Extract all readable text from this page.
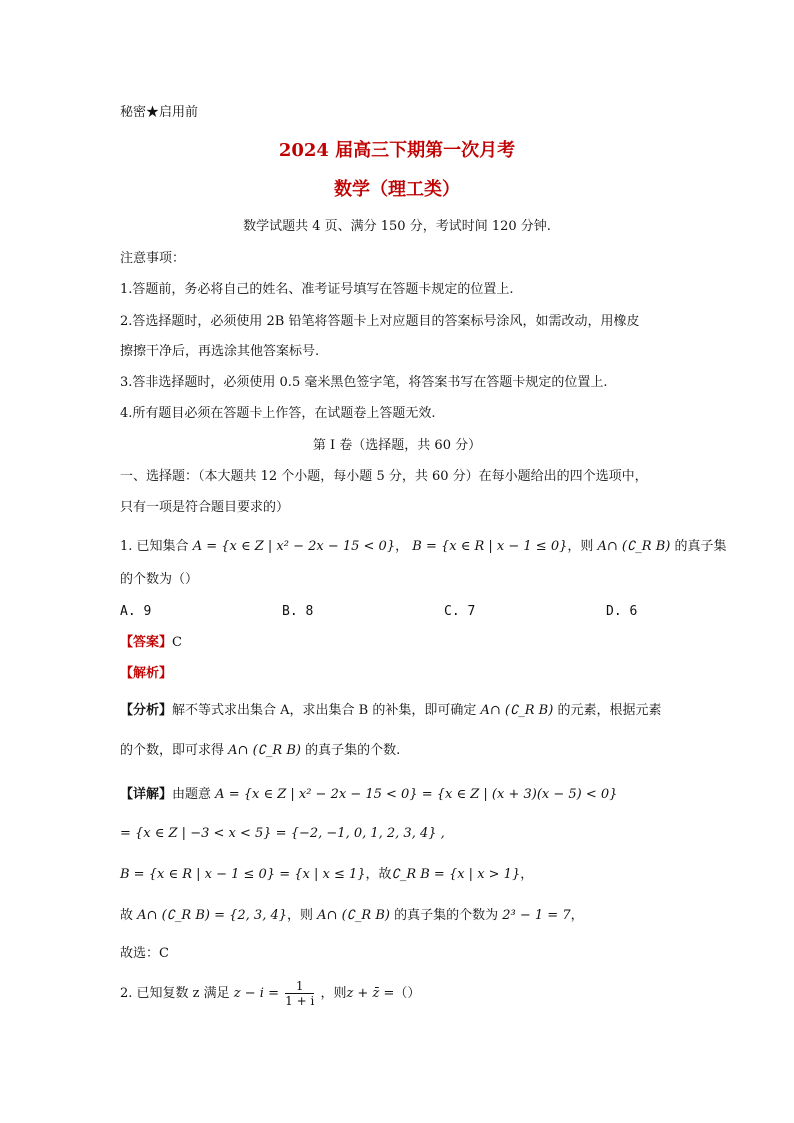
秘密★启用前
2024 届高三下期第一次月考
数学（理工类）
数学试题共 4 页、满分 150 分，考试时间 120 分钟.
注意事项：
1.答题前，务必将自己的姓名、准考证号填写在答题卡规定的位置上.
2.答选择题时，必须使用 2B 铅笔将答题卡上对应题目的答案标号涂风，如需改动，用橡皮
擦擦干净后，再选涂其他答案标号.
3.答非选择题时，必须使用 0.5 毫米黑色签字笔，将答案书写在答题卡规定的位置上.
4.所有题目必须在答题卡上作答，在试题卷上答题无效.
第 I 卷（选择题，共 60 分）
一、选择题：（本大题共 12 个小题，每小题 5 分，共 60 分）在每小题给出的四个选项中，
只有一项是符合题目要求的）
1. 已知集合 A = {x ∈ Z | x² − 2x − 15 < 0}， B = {x ∈ R | x − 1 ≤ 0}，则 A∩ (∁_R B) 的真子集
的个数为（）
A. 9	B. 8	C. 7	D. 6
【答案】C
【解析】
【分析】解不等式求出集合 A，求出集合 B 的补集，即可确定 A∩ (∁_R B) 的元素，根据元素
的个数，即可求得 A∩ (∁_R B) 的真子集的个数.
【详解】由题意 A = {x ∈ Z | x² − 2x − 15 < 0} = {x ∈ Z | (x + 3)(x − 5) < 0}
= {x ∈ Z | −3 < x < 5} = {−2, −1, 0, 1, 2, 3, 4} ,
B = {x ∈ R | x − 1 ≤ 0} = {x | x ≤ 1}，故∁_R B = {x | x > 1}，
故 A∩ (∁_R B) = {2, 3, 4}，则 A∩ (∁_R B) 的真子集的个数为 2³ − 1 = 7，
故选：C
2. 已知复数 z 满足 $z - i = \frac{1}{1 + i}$ ，则z + z̄ =（）
